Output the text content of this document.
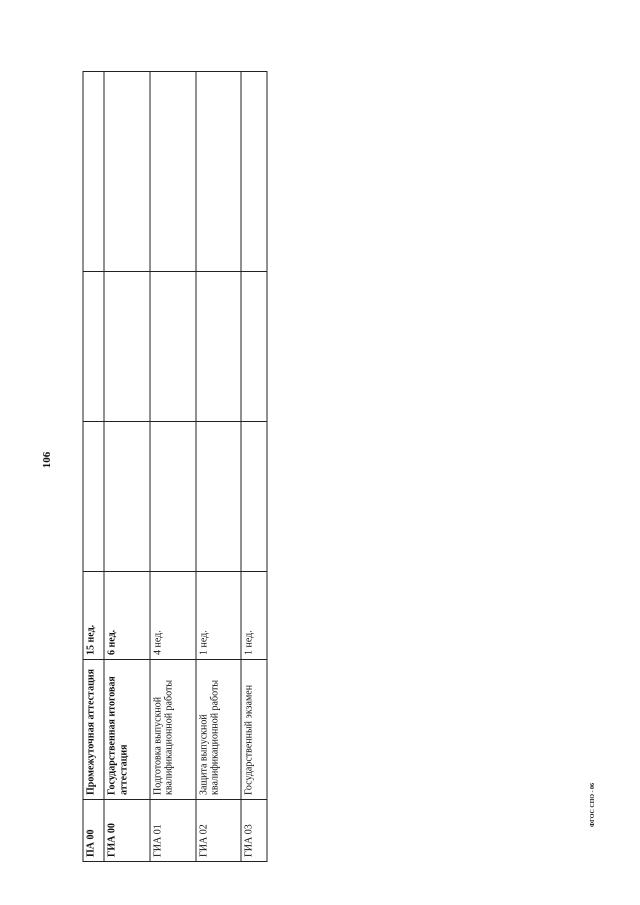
106
ПА 00	Промежуточная аттестация	15 нед.			
ГИА 00	Государственная итоговая аттестация	6 нед.			
ГИА 01	Подготовка выпускной квалификационной работы	4 нед.			
ГИА 02	Защита выпускной квалификационной работы	1 нед.			
ГИА 03	Государственный экзамен	1 нед.			
ФГОС СПО - 06
